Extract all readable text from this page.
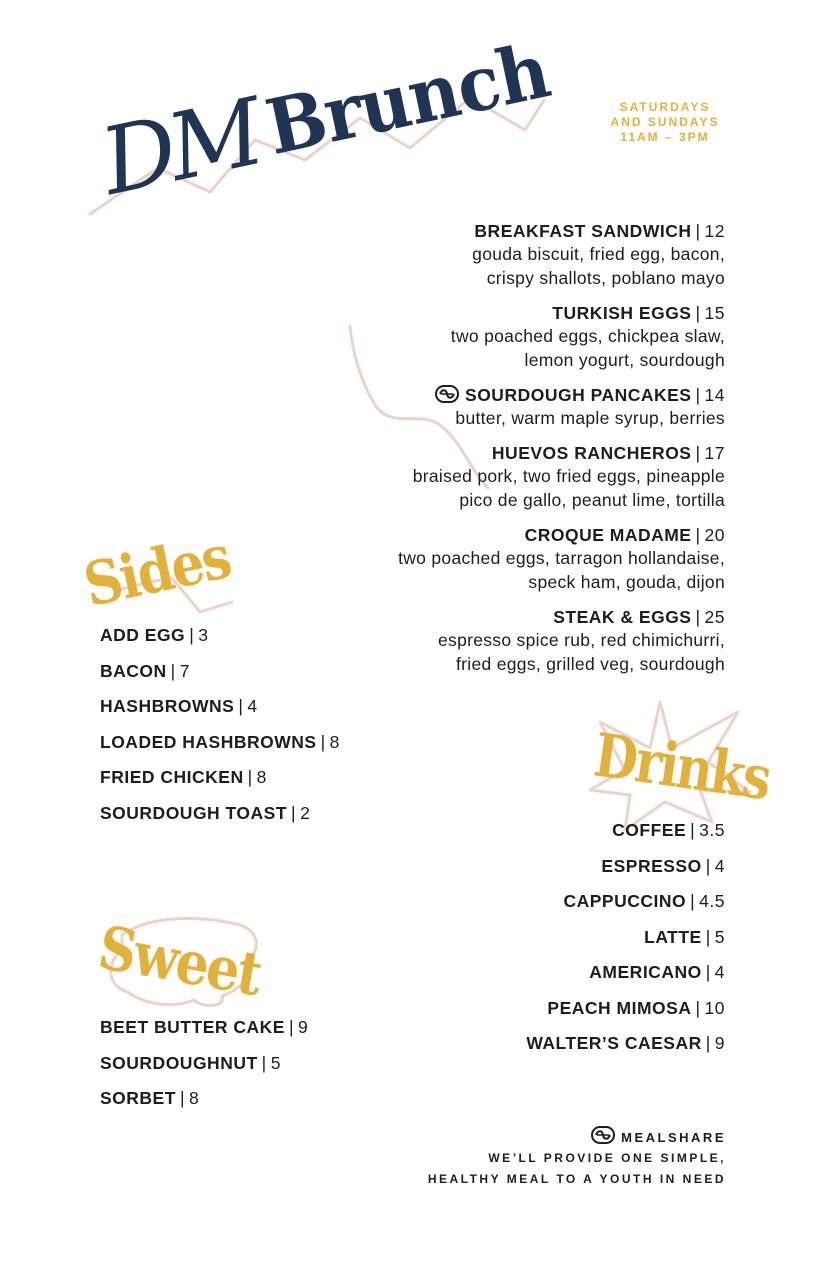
DM
Brunch	SATURDAYS
AND SUNDAYS
11AM – 3PM
BREAKFAST SANDWICH | 12
gouda biscuit, fried egg, bacon,
crispy shallots, poblano mayo
TURKISH EGGS | 15
two poached eggs, chickpea slaw,
lemon yogurt, sourdough
SOURDOUGH PANCAKES | 14
butter, warm maple syrup, berries
HUEVOS RANCHEROS | 17
braised pork, two fried eggs, pineapple
pico de gallo, peanut lime, tortilla
CROQUE MADAME | 20
two poached eggs, tarragon hollandaise,
speck ham, gouda, dijon
STEAK & EGGS | 25
espresso spice rub, red chimichurri,
fried eggs, grilled veg, sourdough
Sides
ADD EGG | 3
BACON | 7
HASHBROWNS | 4
LOADED HASHBROWNS | 8
FRIED CHICKEN | 8
SOURDOUGH TOAST | 2
Sweet
BEET BUTTER CAKE | 9
SOURDOUGHNUT | 5
SORBET | 8
Drinks
COFFEE | 3.5
ESPRESSO | 4
CAPPUCCINO | 4.5
LATTE | 5
AMERICANO | 4
PEACH MIMOSA | 10
WALTER’S CAESAR | 9
MEALSHARE
WE’LL PROVIDE ONE SIMPLE,
HEALTHY MEAL TO A YOUTH IN NEED
